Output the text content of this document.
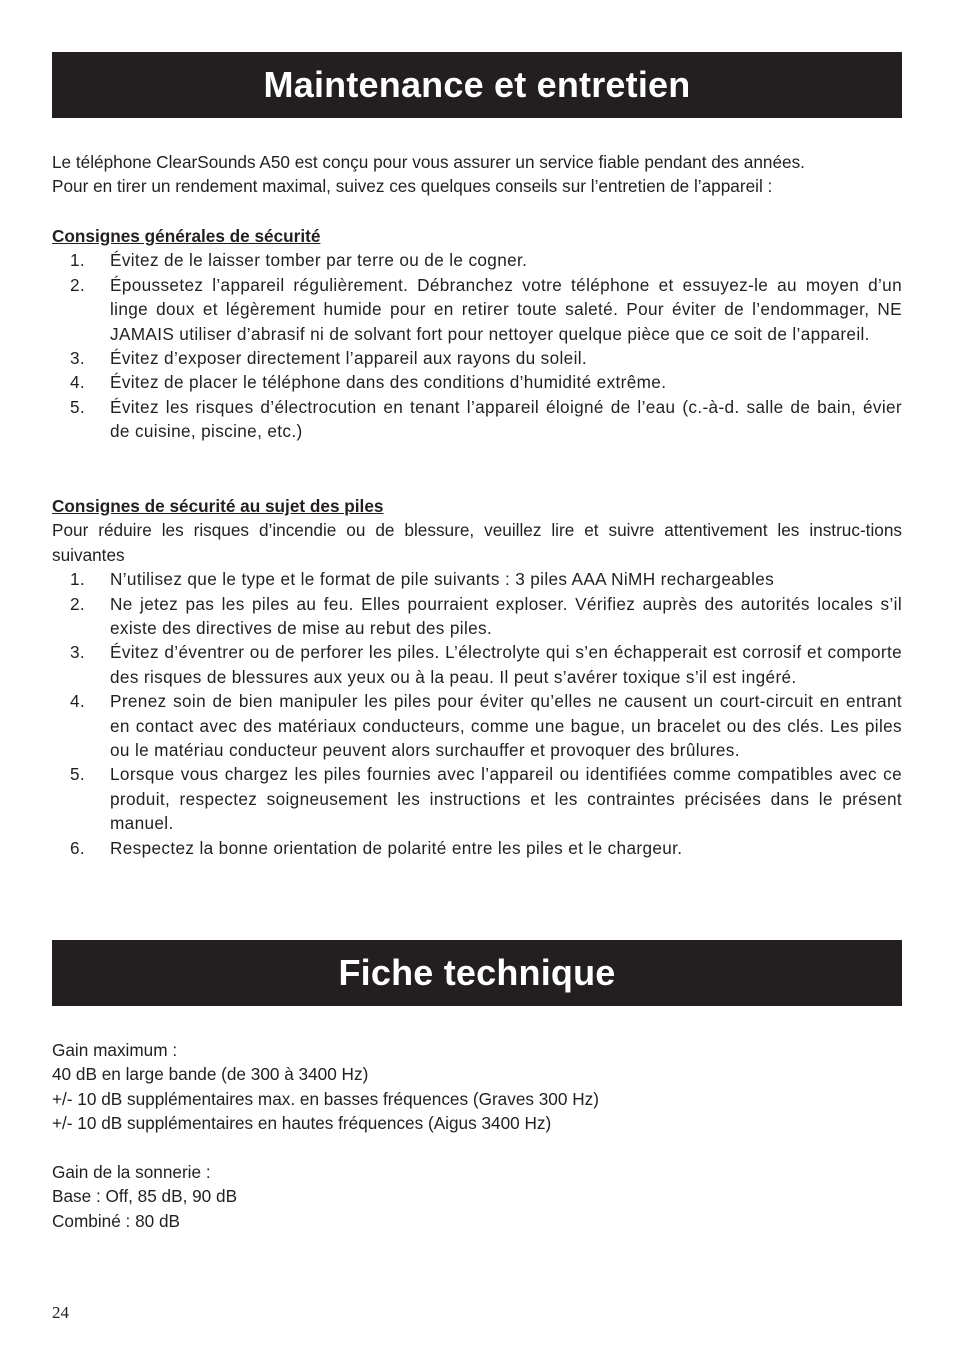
Maintenance et entretien

Le téléphone ClearSounds A50 est conçu pour vous assurer un service fiable pendant des années.

Pour en tirer un rendement maximal, suivez ces quelques conseils sur l’entretien de l’appareil :

Consignes générales de sécurité

1.	Évitez de le laisser tomber par terre ou de le cogner.
2.	Époussetez l’appareil régulièrement. Débranchez votre téléphone et essuyez-le au moyen d’un linge doux et légèrement humide pour en retirer toute saleté. Pour éviter de l’endommager, NE JAMAIS utiliser d’abrasif ni de solvant fort pour nettoyer quelque pièce que ce soit de l’appareil.
3.	Évitez d’exposer directement l’appareil aux rayons du soleil.
4.	Évitez de placer le téléphone dans des conditions d’humidité extrême.
5.	Évitez les risques d’électrocution en tenant l’appareil éloigné de l’eau (c.-à-d. salle de bain, évier de cuisine, piscine, etc.)

Consignes de sécurité au sujet des piles

Pour réduire les risques d’incendie ou de blessure, veuillez lire et suivre attentivement les instruc-tions suivantes

1.	N’utilisez que le type et le format de pile suivants : 3 piles AAA NiMH rechargeables
2.	Ne jetez pas les piles au feu. Elles pourraient exploser. Vérifiez auprès des autorités locales s’il existe des directives de mise au rebut des piles.
3.	Évitez d’éventrer ou de perforer les piles. L’électrolyte qui s’en échapperait est corrosif et comporte des risques de blessures aux yeux ou à la peau. Il peut s’avérer toxique s’il est ingéré.
4.	Prenez soin de bien manipuler les piles pour éviter qu’elles ne causent un court-circuit en entrant en contact avec des matériaux conducteurs, comme une bague, un bracelet ou des clés. Les piles ou le matériau conducteur peuvent alors surchauffer et provoquer des brûlures.
5.	Lorsque vous chargez les piles fournies avec l’appareil ou identifiées comme compatibles avec ce produit, respectez soigneusement les instructions et les contraintes précisées dans le présent manuel.
6.	Respectez la bonne orientation de polarité entre les piles et le chargeur.
Fiche technique

Gain maximum :

40 dB en large bande (de 300 à 3400 Hz)

+/- 10 dB supplémentaires max. en basses fréquences (Graves 300 Hz)

+/- 10 dB supplémentaires en hautes fréquences (Aigus 3400 Hz)

Gain de la sonnerie :

Base : Off, 85 dB, 90 dB

Combiné : 80 dB

24
